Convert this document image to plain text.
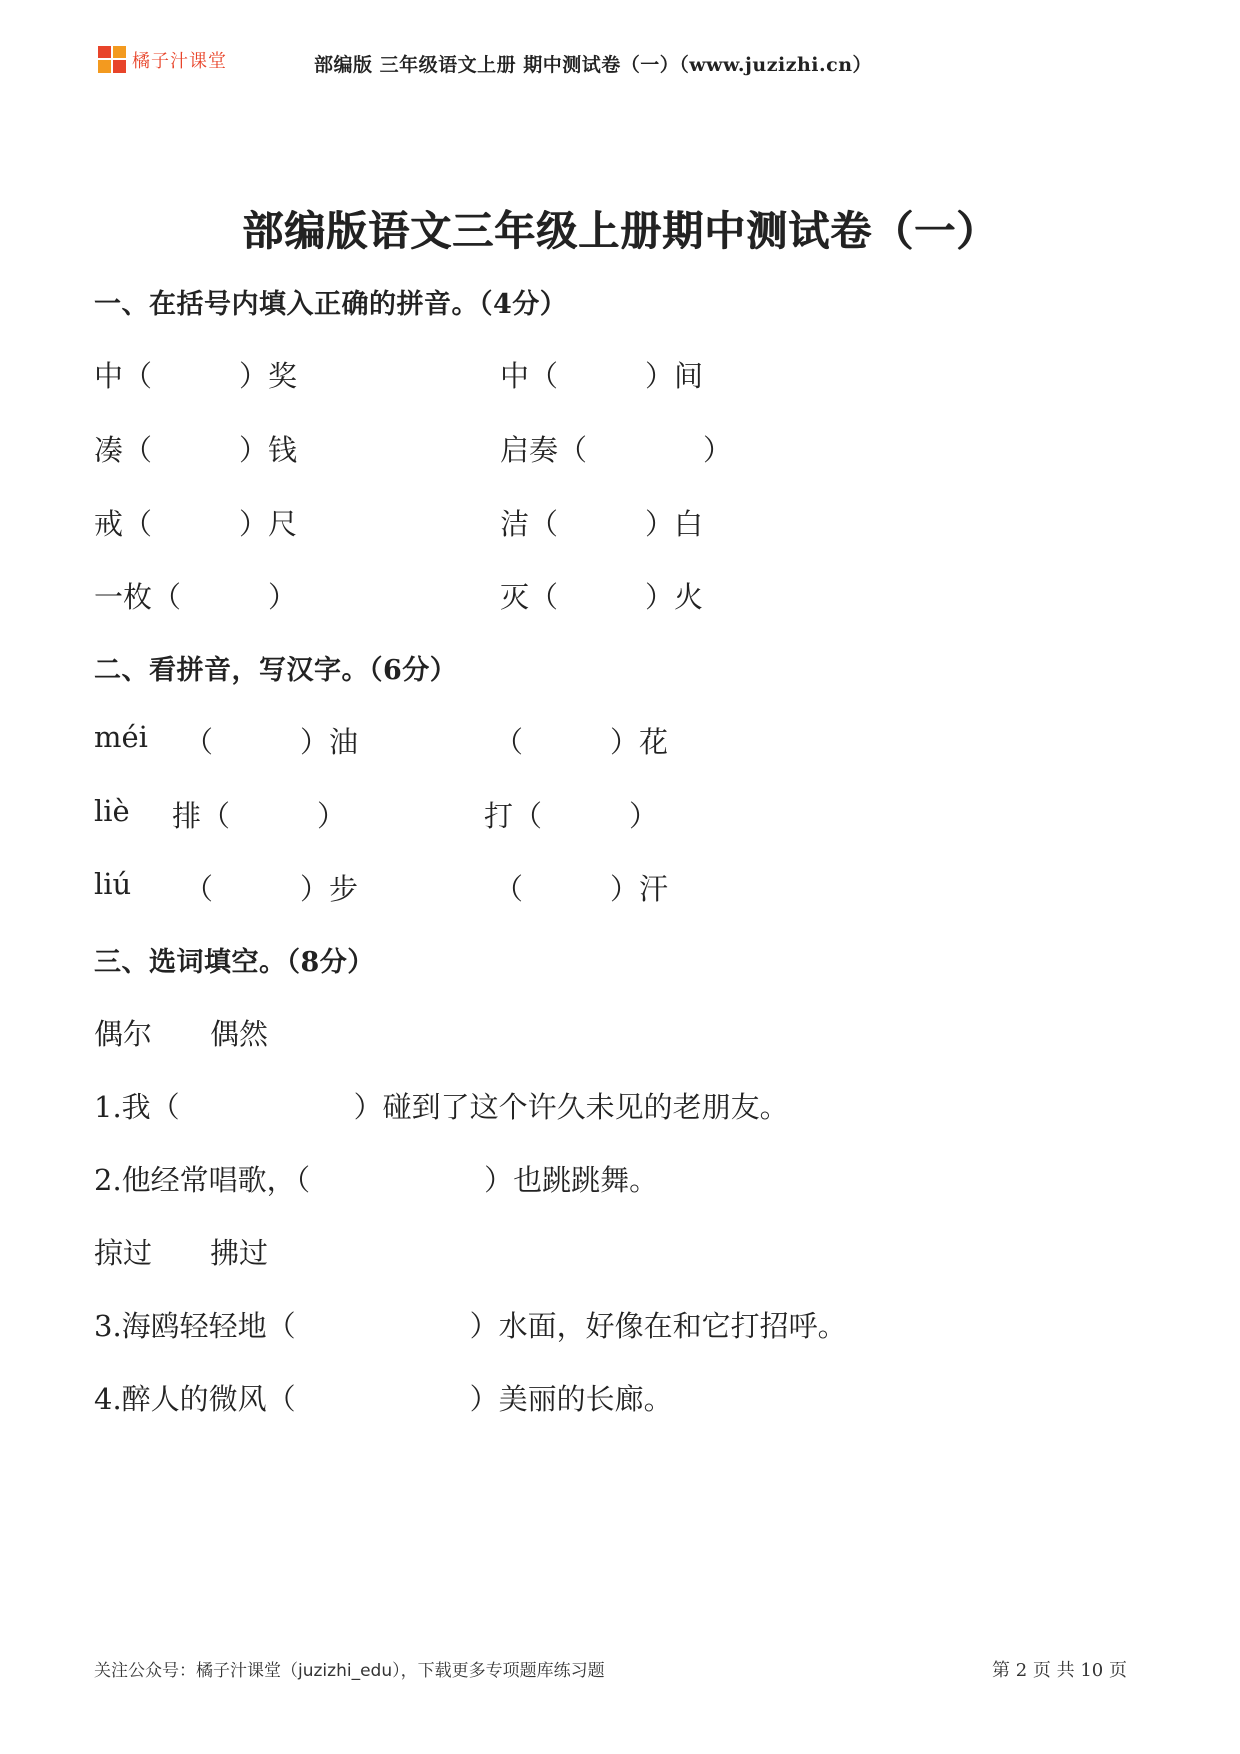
橘子汁课堂	部编版 三年级语文上册 期中测试卷（一）（www.juzizhi.cn）
部编版语文三年级上册期中测试卷（一）
一、在括号内填入正确的拼音。（4分）
中（　　　）奖	中（　　　）间
凑（　　　）钱	启奏（　　　　）
戒（　　　）尺	洁（　　　）白
一枚（　　　）	灭（　　　）火
二、看拼音，写汉字。（6分）
méi （　　　）油	（　　　）花
liè 排（　　　）	打（　　　）
liú （　　　）步	（　　　）汗
三、选词填空。（8分）
偶尔　　偶然
1.我（　　　　　　）碰到了这个许久未见的老朋友。
2.他经常唱歌，（　　　　　　）也跳跳舞。
掠过　　拂过
3.海鸥轻轻地（　　　　　　）水面，好像在和它打招呼。
4.醉人的微风（　　　　　　）美丽的长廊。
关注公众号：橘子汁课堂（juzizhi_edu），下载更多专项题库练习题	第 2 页 共 10 页
